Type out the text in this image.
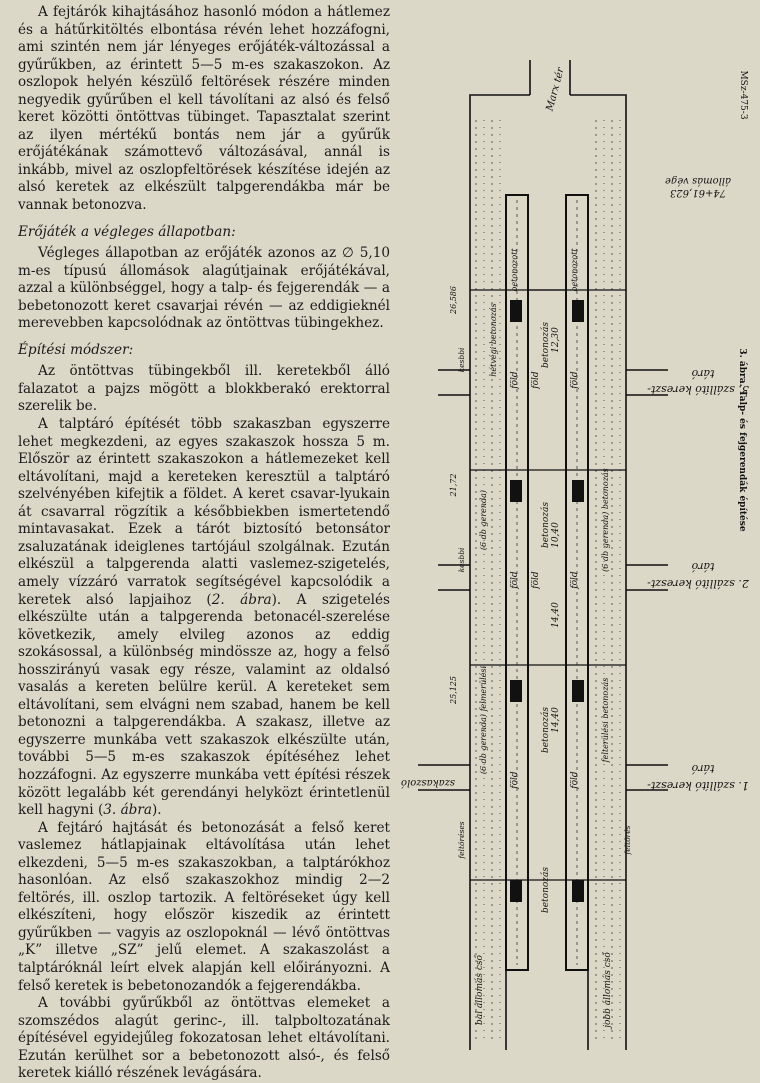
A fejtárók kihajtásához hasonló módon a hátlemez és a hátűrkitöltés elbontása révén lehet hozzáfogni, ami szintén nem jár lényeges erőjáték-változással a gyűrűkben, az érintett 5—5 m-es szakaszokon. Az oszlopok helyén készülő feltörések részére minden negyedik gyűrűben el kell távolítani az alsó és felső keret közötti öntöttvas tübinget. Tapasztalat szerint az ilyen mértékű bontás nem jár a gyűrűk erőjátékának számottevő változásával, annál is inkább, mivel az oszlopfeltörések készítése idején az alsó keretek az elkészült talpgerendákba már be vannak betonozva.

Erőjáték a végleges állapotban:

Végleges állapotban az erőjáték azonos az ∅ 5,10 m-es típusú állomások alagútjainak erőjátékával, azzal a különbséggel, hogy a talp- és fejgerendák — a bebetonozott keret csavarjai révén — az eddigieknél merevebben kapcsolódnak az öntöttvas tübingekhez.

Építési módszer:

Az öntöttvas tübingekből ill. keretekből álló falazatot a pajzs mögött a blokkberakó erektorral szerelik be.

A talptáró építését több szakaszban egyszerre lehet megkezdeni, az egyes szakaszok hossza 5 m. Először az érintett szakaszokon a hátlemezeket kell eltávolítani, majd a kereteken keresztül a talptáró szelvényében kifejtik a földet. A keret csavar-lyukain át csavarral rögzítik a későbbiekben ismertetendő mintavasakat. Ezek a tárót biztosító betonsátor zsaluzatának ideiglenes tartójául szolgálnak. Ezután elkészül a talpgerenda alatti vaslemez-szigetelés, amely vízzáró varratok segítségével kapcsolódik a keretek alsó lapjaihoz (2. ábra). A szigetelés elkészülte után a talpgerenda betonacél-szerelése következik, amely elvileg azonos az eddig szokásossal, a különbség mindössze az, hogy a felső hosszirányú vasak egy része, valamint az oldalsó vasalás a kereten belülre kerül. A kereteket sem eltávolítani, sem elvágni nem szabad, hanem be kell betonozni a talpgerendákba. A szakasz, illetve az egyszerre munkába vett szakaszok elkészülte után, további 5—5 m-es szakaszok építéséhez lehet hozzáfogni. Az egyszerre munkába vett építési részek között legalább két gerendányi helyközt érintetlenül kell hagyni (3. ábra).

A fejtáró hajtását és betonozását a felső keret vaslemez hátlapjainak eltávolítása után lehet elkezdeni, 5—5 m-es szakaszokban, a talptárókhoz hasonlóan. Az első szakaszokhoz mindig 2—2 feltörés, ill. oszlop tartozik. A feltöréseket úgy kell elkészíteni, hogy először kiszedik az érintett gyűrűkben — vagyis az oszlopoknál — lévő öntöttvas „K” illetve „SZ” jelű elemet. A szakaszolást a talptáróknál leírt elvek alapján kell előirányozni. A felső keretek is bebetonozandók a fejgerendákba.

A további gyűrűkből az öntöttvas elemeket a szomszédos alagút gerinc-, ill. talpboltozatának építésével egyidejűleg fokozatosan lehet eltávolítani. Ezután kerülhet sor a bebetonozott alsó-, és felső keretek kiálló részének levágására.

3. ábra. Talp- és fejgerendák építése
MSz-475-3
Marx tér
74+61,623
állomás vége
3. szállító kereszt-
táró
2. szállító kereszt-
táró
1. szállító kereszt-
táró
szakaszoló
bal állomás cső	jobb állomás cső
12,30
10,40
14,40
14,40
26,586
21,72
25,125
hétvégi betonozás
(6 db gerenda)
(6 db gerenda) felmerülési
(6 db gerenda) betonozás
felterülési betonozás
kesbbi
kesbbi
feltöréses	feltörés
föld föld	föld
föld föld	föld
föld	föld
betonozás
betonozás
betonozás
betonozás
betonozott	betonozott
